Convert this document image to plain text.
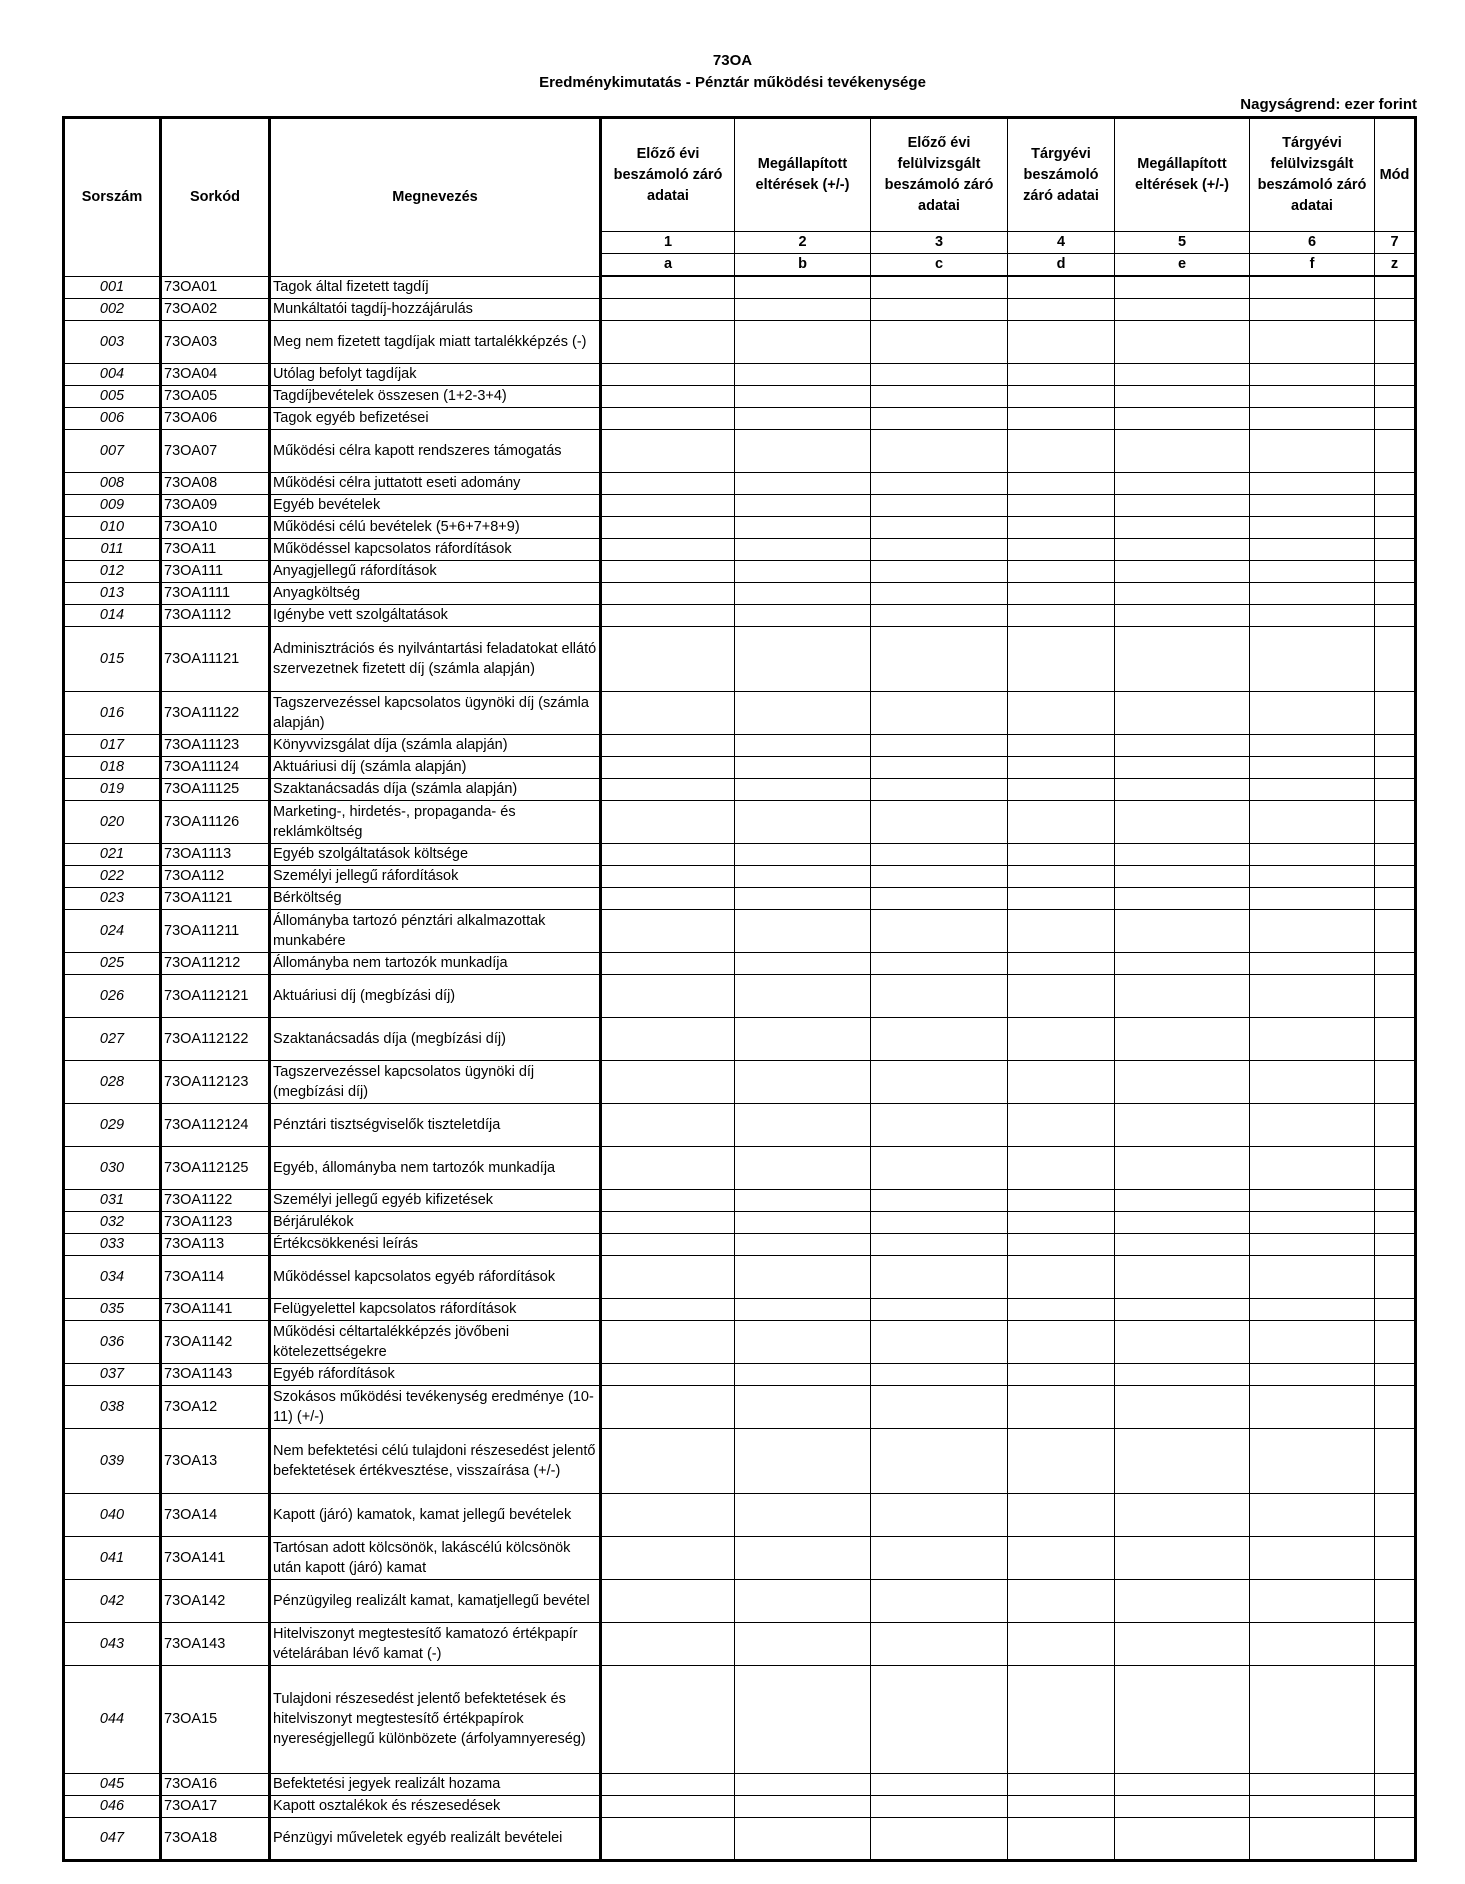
73OA
Eredménykimutatás - Pénztár működési tevékenysége
Nagyságrend: ezer forint
Sorszám	Sorkód	Megnevezés	Előző évi beszámoló záró adatai	Megállapított eltérések (+/-)	Előző évi felülvizsgált beszámoló záró adatai	Tárgyévi beszámoló záró adatai	Megállapított eltérések (+/-)	Tárgyévi felülvizsgált beszámoló záró adatai	Mód
			1	2	3	4	5	6	7
			a	b	c	d	e	f	z
001	73OA01	Tagok által fizetett tagdíj							
002	73OA02	Munkáltatói tagdíj-hozzájárulás							
003	73OA03	Meg nem fizetett tagdíjak miatt tartalékképzés (-)							
004	73OA04	Utólag befolyt tagdíjak							
005	73OA05	Tagdíjbevételek összesen (1+2-3+4)							
006	73OA06	Tagok egyéb befizetései							
007	73OA07	Működési célra kapott rendszeres támogatás							
008	73OA08	Működési célra juttatott eseti adomány							
009	73OA09	Egyéb bevételek							
010	73OA10	Működési célú bevételek (5+6+7+8+9)							
011	73OA11	Működéssel kapcsolatos ráfordítások							
012	73OA111	Anyagjellegű ráfordítások							
013	73OA1111	Anyagköltség							
014	73OA1112	Igénybe vett szolgáltatások							
015	73OA11121	Adminisztrációs és nyilvántartási feladatokat ellátó szervezetnek fizetett díj (számla alapján)							
016	73OA11122	Tagszervezéssel kapcsolatos ügynöki díj (számla alapján)							
017	73OA11123	Könyvvizsgálat díja (számla alapján)							
018	73OA11124	Aktuáriusi díj (számla alapján)							
019	73OA11125	Szaktanácsadás díja (számla alapján)							
020	73OA11126	Marketing-, hirdetés-, propaganda- és reklámköltség							
021	73OA1113	Egyéb szolgáltatások költsége							
022	73OA112	Személyi jellegű ráfordítások							
023	73OA1121	Bérköltség							
024	73OA11211	Állományba tartozó pénztári alkalmazottak munkabére							
025	73OA11212	Állományba nem tartozók munkadíja							
026	73OA112121	Aktuáriusi díj (megbízási díj)							
027	73OA112122	Szaktanácsadás díja (megbízási díj)							
028	73OA112123	Tagszervezéssel kapcsolatos ügynöki díj (megbízási díj)							
029	73OA112124	Pénztári tisztségviselők tiszteletdíja							
030	73OA112125	Egyéb, állományba nem tartozók munkadíja							
031	73OA1122	Személyi jellegű egyéb kifizetések							
032	73OA1123	Bérjárulékok							
033	73OA113	Értékcsökkenési leírás							
034	73OA114	Működéssel kapcsolatos egyéb ráfordítások							
035	73OA1141	Felügyelettel kapcsolatos ráfordítások							
036	73OA1142	Működési céltartalékképzés jövőbeni kötelezettségekre							
037	73OA1143	Egyéb ráfordítások							
038	73OA12	Szokásos működési tevékenység eredménye (10-11) (+/-)							
039	73OA13	Nem befektetési célú tulajdoni részesedést jelentő befektetések értékvesztése, visszaírása (+/-)							
040	73OA14	Kapott (járó) kamatok, kamat jellegű bevételek							
041	73OA141	Tartósan adott kölcsönök, lakáscélú kölcsönök után kapott (járó) kamat							
042	73OA142	Pénzügyileg realizált kamat, kamatjellegű bevétel							
043	73OA143	Hitelviszonyt megtestesítő kamatozó értékpapír vételárában lévő kamat (-)							
044	73OA15	Tulajdoni részesedést jelentő befektetések és hitelviszonyt megtestesítő értékpapírok nyereségjellegű különbözete (árfolyamnyereség)							
045	73OA16	Befektetési jegyek realizált hozama							
046	73OA17	Kapott osztalékok és részesedések							
047	73OA18	Pénzügyi műveletek egyéb realizált bevételei							
